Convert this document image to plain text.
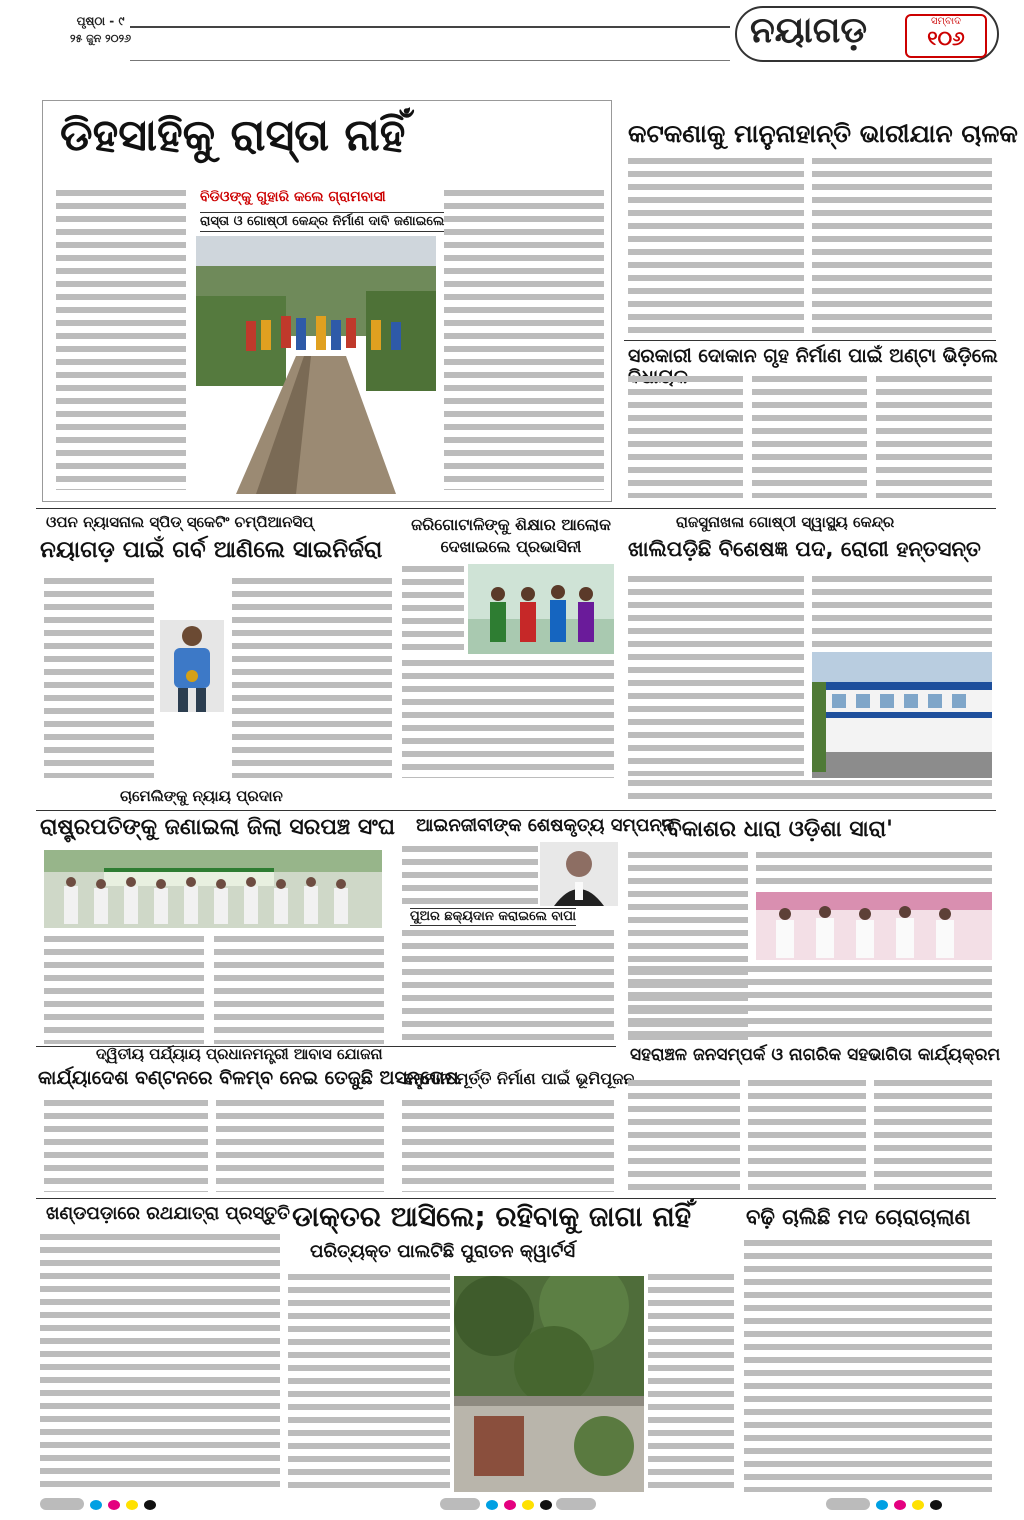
ପୃଷ୍ଠା - ୯
୨୫ ଜୁନ ୨୦୨୬	ନୟାଗଡ଼	ସମ୍ବାଦ
୧୦୬
ଡିହସାହିକୁ ରାସ୍ତା ନାହିଁ
ବିଡିଓଙ୍କୁ ଗୁହାରି କଲେ ଗ୍ରାମବାସୀ
ରାସ୍ତା ଓ ଗୋଷ୍ଠୀ କେନ୍ଦ୍ର ନିର୍ମାଣ ଦାବି ଜଣାଇଲେ
କଟକଣାକୁ ମାନୁନାହାନ୍ତି ଭାରୀଯାନ ଚାଳକ
ସରକାରୀ ଦୋକାନ ଗୃହ ନିର୍ମାଣ ପାଇଁ ଅଣ୍ଟା ଭିଡ଼ିଲେ ବିଧାୟକ
ଓପନ ନ୍ୟାସନାଲ ସ୍ପିଡ୍ ସ୍କେଟିଂ ଚମ୍ପିଆନସିପ୍
ନୟାଗଡ଼ ପାଇଁ ଗର୍ବ ଆଣିଲେ ସାଇନିର୍ଜରା
ଜରିଗୋଟାଳିଙ୍କୁ ଶିକ୍ଷାର ଆଲୋକ ଦେଖାଇଲେ ପ୍ରଭାସିନୀ
ରାଜସୁନାଖଳା ଗୋଷ୍ଠୀ ସ୍ୱାସ୍ଥ୍ୟ କେନ୍ଦ୍ର
ଖାଲିପଡ଼ିଛି ବିଶେଷଜ୍ଞ ପଦ, ରୋଗୀ ହନ୍ତସନ୍ତ
ଚାମେଲିଙ୍କୁ ନ୍ୟାୟ ପ୍ରଦାନ
ରାଷ୍ଟ୍ରପତିଙ୍କୁ ଜଣାଇଲା ଜିଲା ସରପଞ୍ଚ ସଂଘ ଆଇନଜୀବୀଙ୍କ ଶେଷକୃତ୍ୟ ସମ୍ପନ୍ନ
ପୁଅର ଛକ୍ୟଦାନ କରାଇଲେ ବାପା
'ବିକାଶର ଧାରା ଓଡ଼ିଶା ସାରା'
ଦ୍ୱିତୀୟ ପର୍ଯ୍ୟାୟ ପ୍ରଧାନମନ୍ତ୍ରୀ ଆବାସ ଯୋଜନା
କାର୍ଯ୍ୟାଦେଶ ବଣ୍ଟନରେ ବିଳମ୍ବ ନେଇ ତେଜୁଛି ଅସନ୍ତୋଷ
ହନୁମାନ ମୂର୍ତ୍ତି ନିର୍ମାଣ ପାଇଁ ଭୂମିପୂଜନ
ସହରାଞ୍ଚଳ ଜନସମ୍ପର୍କ ଓ ନାଗରିକ ସହଭାଗିତା କାର୍ଯ୍ୟକ୍ରମ
ଖଣ୍ଡପଡ଼ାରେ ରଥଯାତ୍ରା ପ୍ରସ୍ତୁତି ଡାକ୍ତର ଆସିଲେ; ରହିବାକୁ ଜାଗା ନାହିଁ
ପରିତ୍ୟକ୍ତ ପାଲଟିଛି ପୁରାତନ କ୍ୱାର୍ଟର୍ସ
ବଢ଼ି ଚାଲିଛି ମଦ ଚୋରାଚାଲାଣ
